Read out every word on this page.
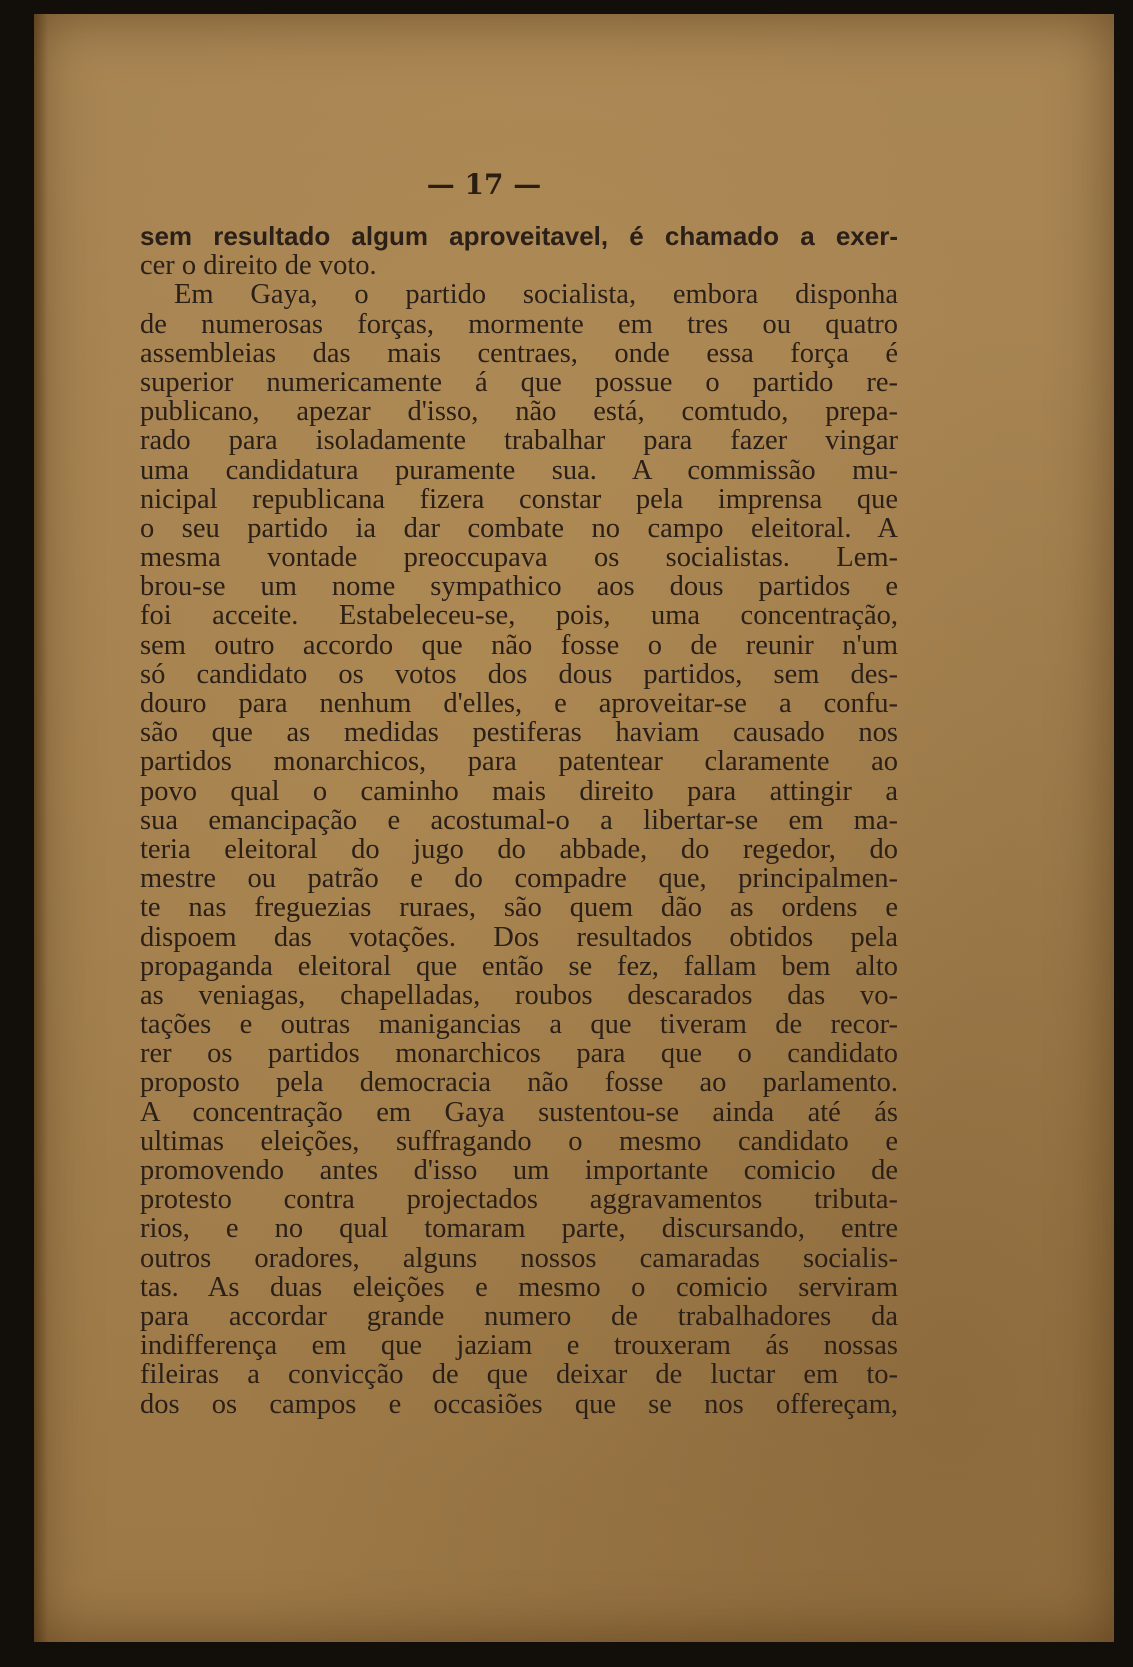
— 17 —
sem resultado algum aproveitavel, é chamado a exer-
cer o direito de voto.
Em Gaya, o partido socialista, embora disponha
de numerosas forças, mormente em tres ou quatro
assembleias das mais centraes, onde essa força é
superior numericamente á que possue o partido re-
publicano, apezar d'isso, não está, comtudo, prepa-
rado para isoladamente trabalhar para fazer vingar
uma candidatura puramente sua. A commissão mu-
nicipal republicana fizera constar pela imprensa que
o seu partido ia dar combate no campo eleitoral. A
mesma vontade preoccupava os socialistas. Lem-
brou-se um nome sympathico aos dous partidos e
foi acceite. Estabeleceu-se, pois, uma concentração,
sem outro accordo que não fosse o de reunir n'um
só candidato os votos dos dous partidos, sem des-
douro para nenhum d'elles, e aproveitar-se a confu-
são que as medidas pestiferas haviam causado nos
partidos monarchicos, para patentear claramente ao
povo qual o caminho mais direito para attingir a
sua emancipação e acostumal-o a libertar-se em ma-
teria eleitoral do jugo do abbade, do regedor, do
mestre ou patrão e do compadre que, principalmen-
te nas freguezias ruraes, são quem dão as ordens e
dispoem das votações. Dos resultados obtidos pela
propaganda eleitoral que então se fez, fallam bem alto
as veniagas, chapelladas, roubos descarados das vo-
tações e outras manigancias a que tiveram de recor-
rer os partidos monarchicos para que o candidato
proposto pela democracia não fosse ao parlamento.
A concentração em Gaya sustentou-se ainda até ás
ultimas eleições, suffragando o mesmo candidato e
promovendo antes d'isso um importante comicio de
protesto contra projectados aggravamentos tributa-
rios, e no qual tomaram parte, discursando, entre
outros oradores, alguns nossos camaradas socialis-
tas. As duas eleições e mesmo o comicio serviram
para accordar grande numero de trabalhadores da
indifferença em que jaziam e trouxeram ás nossas
fileiras a convicção de que deixar de luctar em to-
dos os campos e occasiões que se nos offereçam,
